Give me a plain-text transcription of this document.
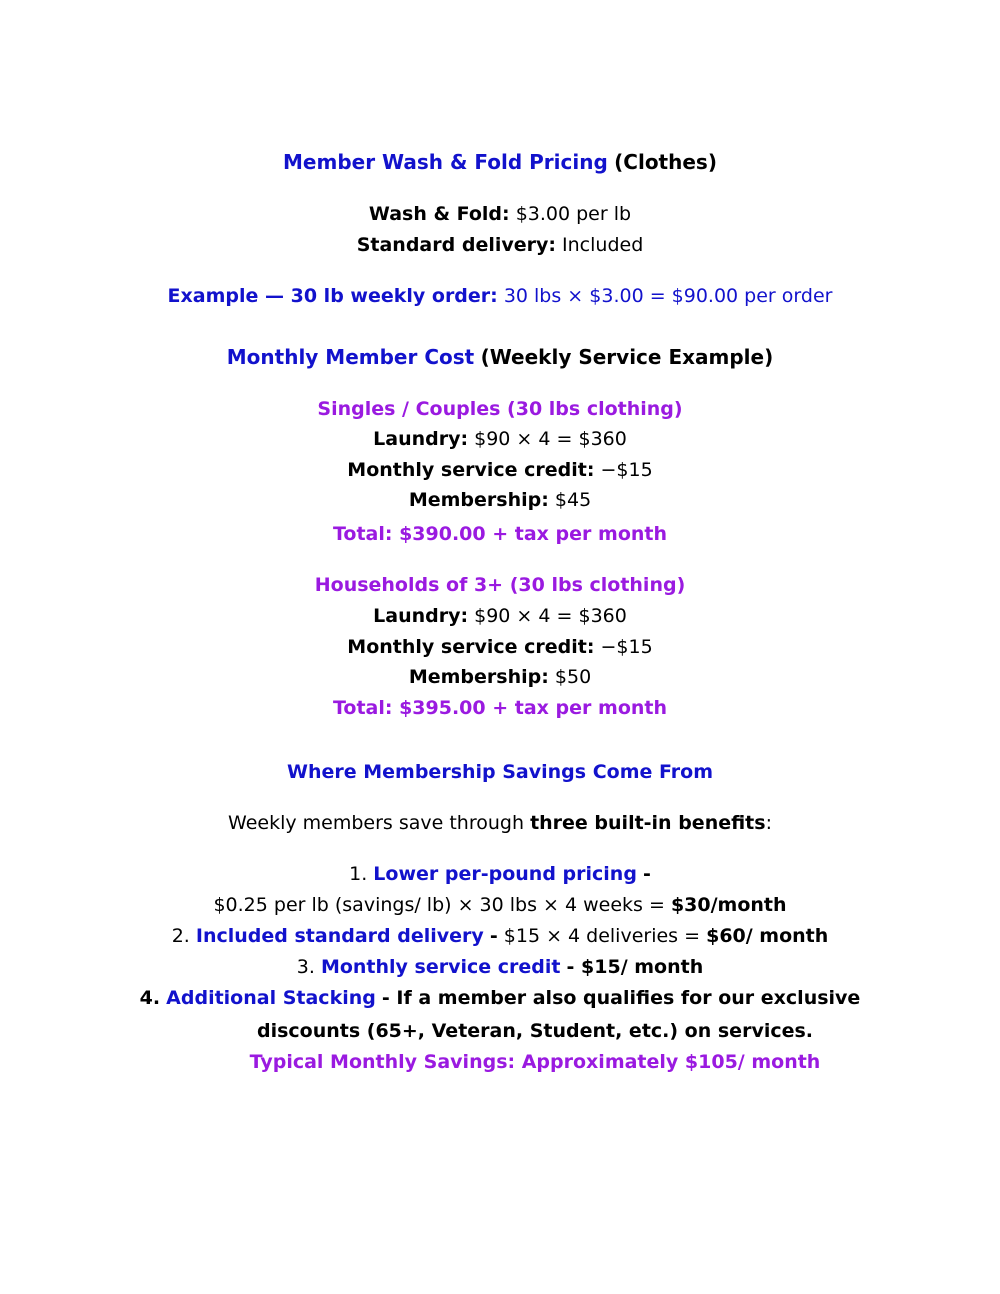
Member Wash & Fold Pricing (Clothes)
Wash & Fold: $3.00 per lb
Standard delivery: Included
Example — 30 lb weekly order: 30 lbs × $3.00 = $90.00 per order
Monthly Member Cost (Weekly Service Example)
Singles / Couples (30 lbs clothing)
Laundry: $90 × 4 = $360
Monthly service credit: −$15
Membership: $45
Total: $390.00 + tax per month
Households of 3+ (30 lbs clothing)
Laundry: $90 × 4 = $360
Monthly service credit: −$15
Membership: $50
Total: $395.00 + tax per month
Where Membership Savings Come From
Weekly members save through three built-in benefits:
1. Lower per-pound pricing -
$0.25 per lb (savings/ lb) × 30 lbs × 4 weeks = $30/month
2. Included standard delivery - $15 × 4 deliveries = $60/ month
3. Monthly service credit - $15/ month
4. Additional Stacking - If a member also qualifies for our exclusive
discounts (65+, Veteran, Student, etc.) on services.
Typical Monthly Savings: Approximately $105/ month
